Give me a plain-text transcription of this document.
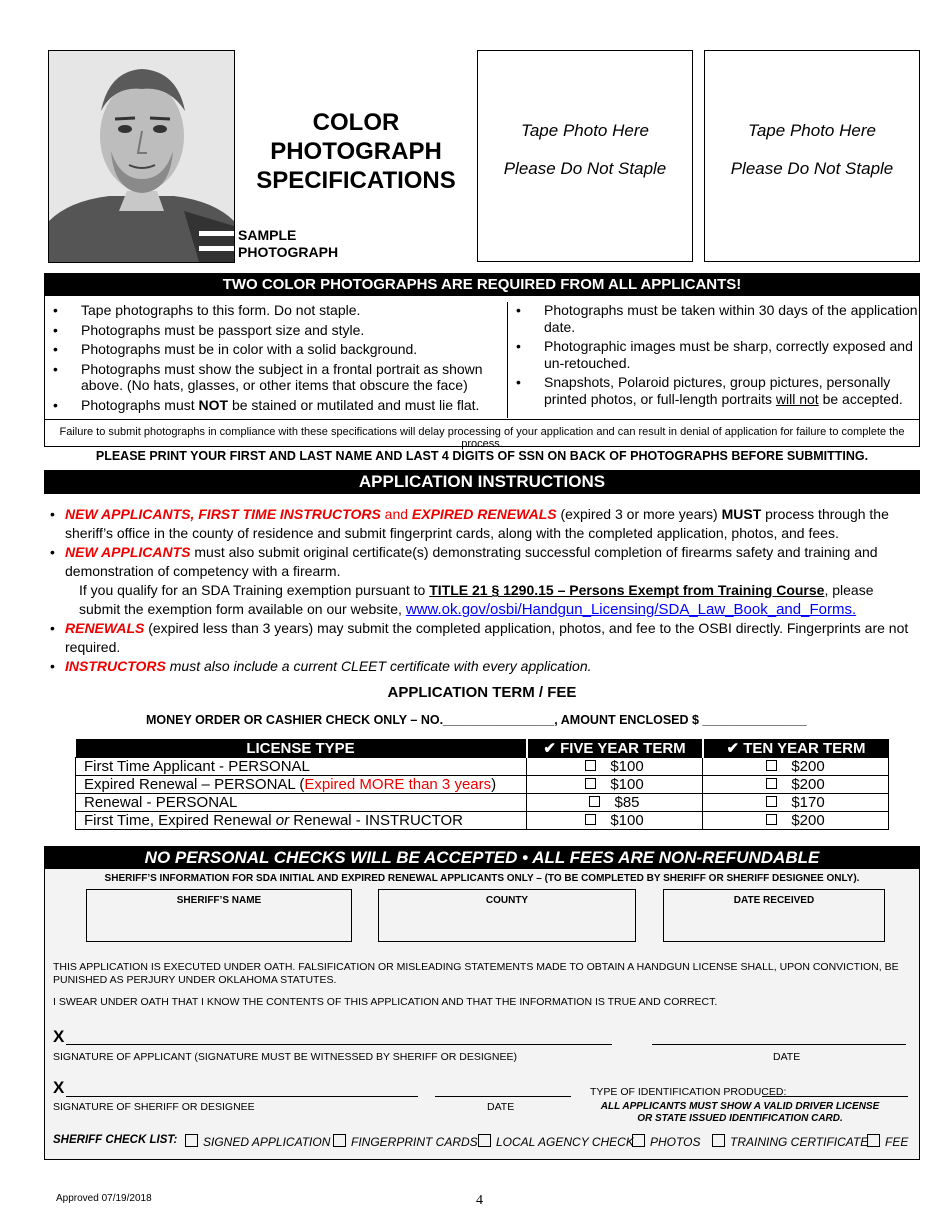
COLOR
PHOTOGRAPH
SPECIFICATIONS
SAMPLE
PHOTOGRAPH
Tape Photo Here
Please Do Not Staple
Tape Photo Here
Please Do Not Staple
TWO COLOR PHOTOGRAPHS ARE REQUIRED FROM ALL APPLICANTS!
• Tape photographs to this form. Do not staple.
• Photographs must be passport size and style.
• Photographs must be in color with a solid background.
• Photographs must show the subject in a frontal portrait as shown above. (No hats, glasses, or other items that obscure the face)
• Photographs must NOT be stained or mutilated and must lie flat.
• Photographs must be taken within 30 days of the application date.
• Photographic images must be sharp, correctly exposed and un-retouched.
• Snapshots, Polaroid pictures, group pictures, personally printed photos, or full-length portraits will not be accepted.
Failure to submit photographs in compliance with these specifications will delay processing of your application and can result in denial of application for failure to complete the process.
PLEASE PRINT YOUR FIRST AND LAST NAME AND LAST 4 DIGITS OF SSN ON BACK OF PHOTOGRAPHS BEFORE SUBMITTING.
APPLICATION INSTRUCTIONS
• NEW APPLICANTS, FIRST TIME INSTRUCTORS and EXPIRED RENEWALS (expired 3 or more years) MUST process through the sheriff’s office in the county of residence and submit fingerprint cards, along with the completed application, photos, and fees.
• NEW APPLICANTS must also submit original certificate(s) demonstrating successful completion of firearms safety and training and demonstration of competency with a firearm.

If you qualify for an SDA Training exemption pursuant to TITLE 21 § 1290.15 – Persons Exempt from Training Course, please submit the exemption form available on our website, www.ok.gov/osbi/Handgun_Licensing/SDA_Law_Book_and_Forms.

• RENEWALS (expired less than 3 years) may submit the completed application, photos, and fee to the OSBI directly. Fingerprints are not required.
• INSTRUCTORS must also include a current CLEET certificate with every application.
APPLICATION TERM / FEE
MONEY ORDER OR CASHIER CHECK ONLY – NO.________________, AMOUNT ENCLOSED $ _______________
LICENSE TYPE	✔ FIVE YEAR TERM	✔ TEN YEAR TERM
First Time Applicant - PERSONAL	$100	$200
Expired Renewal – PERSONAL (Expired MORE than 3 years)	$100	$200
Renewal - PERSONAL	$85	$170
First Time, Expired Renewal or Renewal - INSTRUCTOR	$100	$200
NO PERSONAL CHECKS WILL BE ACCEPTED • ALL FEES ARE NON-REFUNDABLE
SHERIFF’S INFORMATION FOR SDA INITIAL AND EXPIRED RENEWAL APPLICANTS ONLY – (TO BE COMPLETED BY SHERIFF OR SHERIFF DESIGNEE ONLY).
SHERIFF’S NAME	COUNTY	DATE RECEIVED
THIS APPLICATION IS EXECUTED UNDER OATH. FALSIFICATION OR MISLEADING STATEMENTS MADE TO OBTAIN A HANDGUN LICENSE SHALL, UPON CONVICTION, BE PUNISHED AS PERJURY UNDER OKLAHOMA STATUTES.
I SWEAR UNDER OATH THAT I KNOW THE CONTENTS OF THIS APPLICATION AND THAT THE INFORMATION IS TRUE AND CORRECT.
X
SIGNATURE OF APPLICANT (SIGNATURE MUST BE WITNESSED BY SHERIFF OR DESIGNEE)	DATE
X	TYPE OF IDENTIFICATION PRODUCED:
SIGNATURE OF SHERIFF OR DESIGNEE	DATE	ALL APPLICANTS MUST SHOW A VALID DRIVER LICENSE
OR STATE ISSUED IDENTIFICATION CARD.
SHERIFF CHECK LIST:	SIGNED APPLICATION	FINGERPRINT CARDS	LOCAL AGENCY CHECK	PHOTOS	TRAINING CERTIFICATE	FEE
Approved 07/19/2018	4
